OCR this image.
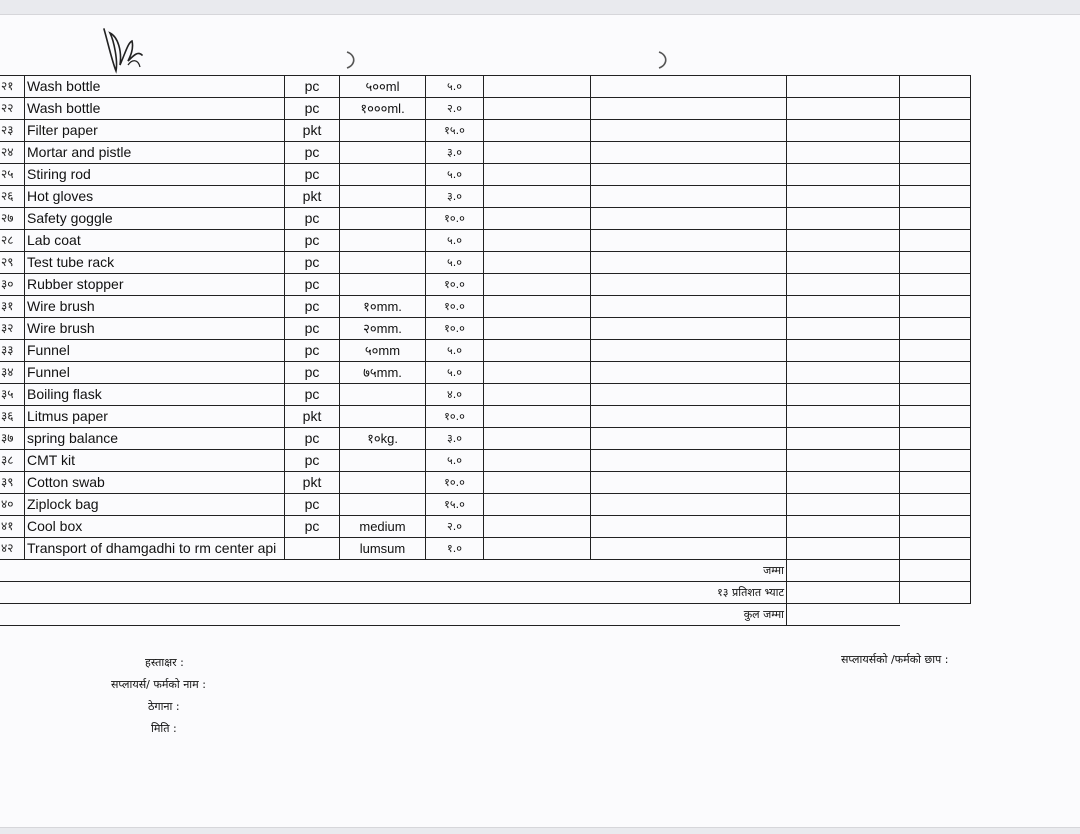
२१	Wash bottle	pc	५००ml	५.०				
२२	Wash bottle	pc	१०००ml.	२.०				
२३	Filter paper	pkt		१५.०				
२४	Mortar and pistle	pc		३.०				
२५	Stiring rod	pc		५.०				
२६	Hot gloves	pkt		३.०				
२७	Safety goggle	pc		१०.०				
२८	Lab coat	pc		५.०				
२९	Test tube rack	pc		५.०				
३०	Rubber stopper	pc		१०.०				
३१	Wire brush	pc	१०mm.	१०.०				
३२	Wire brush	pc	२०mm.	१०.०				
३३	Funnel	pc	५०mm	५.०				
३४	Funnel	pc	७५mm.	५.०				
३५	Boiling flask	pc		४.०				
३६	Litmus paper	pkt		१०.०				
३७	spring balance	pc	१०kg.	३.०				
३८	CMT kit	pc		५.०				
३९	Cotton swab	pkt		१०.०				
४०	Ziplock bag	pc		१५.०				
४१	Cool box	pc	medium	२.०				
४२	Transport of dhamgadhi to rm center api		lumsum	१.०				
जम्मा								
१३ प्रतिशत भ्याट								
कुल जम्मा								
हस्ताक्षर :
सप्लायर्स/ फर्मको नाम :
ठेगाना :
मिति :
सप्लायर्सको /फर्मको छाप :
